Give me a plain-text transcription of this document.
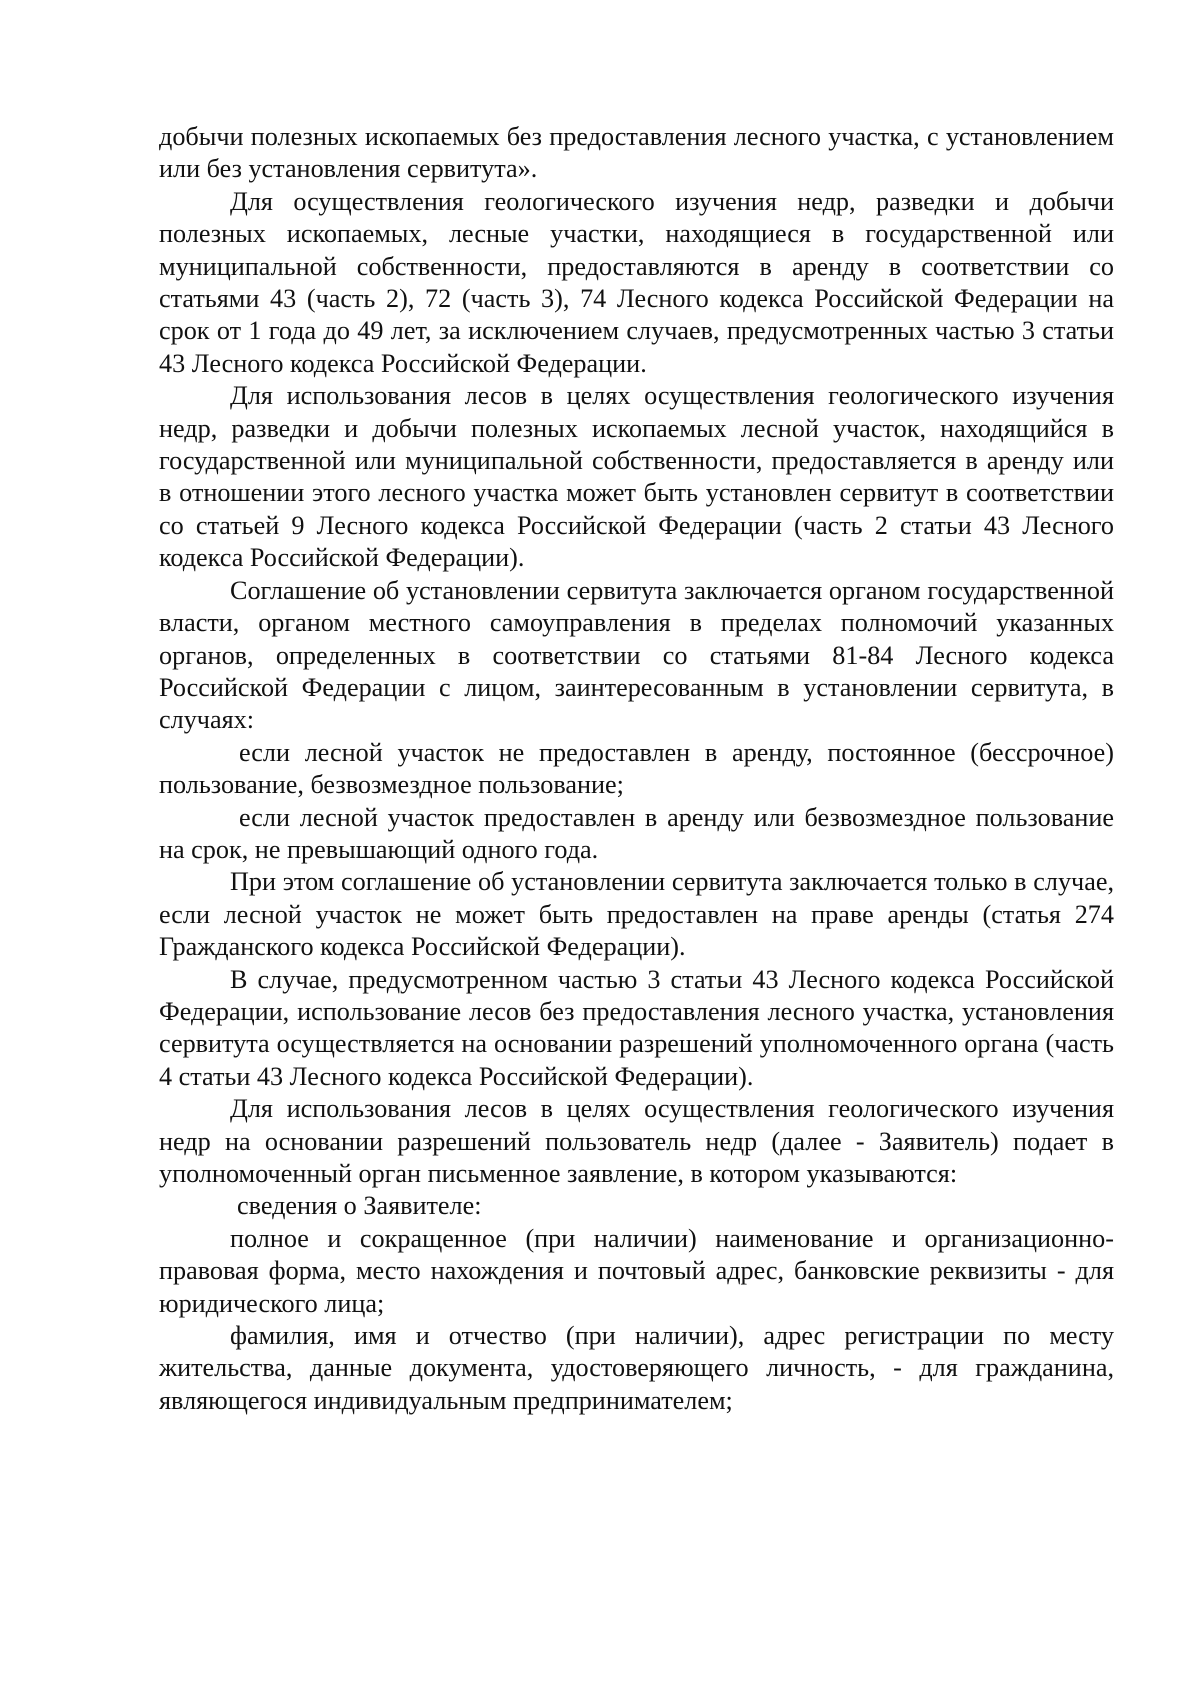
добычи полезных ископаемых без предоставления лесного участка, с установлением или без установления сервитута».

Для осуществления геологического изучения недр, разведки и добычи полезных ископаемых, лесные участки, находящиеся в государственной или муниципальной собственности, предоставляются в аренду в соответствии со статьями 43 (часть 2), 72 (часть 3), 74 Лесного кодекса Российской Федерации на срок от 1 года до 49 лет, за исключением случаев, предусмотренных частью 3 статьи 43 Лесного кодекса Российской Федерации.

Для использования лесов в целях осуществления геологического изучения недр, разведки и добычи полезных ископаемых лесной участок, находящийся в государственной или муниципальной собственности, предоставляется в аренду или в отношении этого лесного участка может быть установлен сервитут в соответствии со статьей 9 Лесного кодекса Российской Федерации (часть 2 статьи 43 Лесного кодекса Российской Федерации).

Соглашение об установлении сервитута заключается органом государственной власти, органом местного самоуправления в пределах полномочий указанных органов, определенных в соответствии со статьями 81-84 Лесного кодекса Российской Федерации с лицом, заинтересованным в установлении сервитута, в случаях:

если лесной участок не предоставлен в аренду, постоянное (бессрочное) пользование, безвозмездное пользование;

если лесной участок предоставлен в аренду или безвозмездное пользование на срок, не превышающий одного года.

При этом соглашение об установлении сервитута заключается только в случае, если лесной участок не может быть предоставлен на праве аренды (статья 274 Гражданского кодекса Российской Федерации).

В случае, предусмотренном частью 3 статьи 43 Лесного кодекса Российской Федерации, использование лесов без предоставления лесного участка, установления сервитута осуществляется на основании разрешений уполномоченного органа (часть 4 статьи 43 Лесного кодекса Российской Федерации).

Для использования лесов в целях осуществления геологического изучения недр на основании разрешений пользователь недр (далее - Заявитель) подает в уполномоченный орган письменное заявление, в котором указываются:

сведения о Заявителе:

полное и сокращенное (при наличии) наименование и организационно-правовая форма, место нахождения и почтовый адрес, банковские реквизиты - для юридического лица;

фамилия, имя и отчество (при наличии), адрес регистрации по месту жительства, данные документа, удостоверяющего личность, - для гражданина, являющегося индивидуальным предпринимателем;
